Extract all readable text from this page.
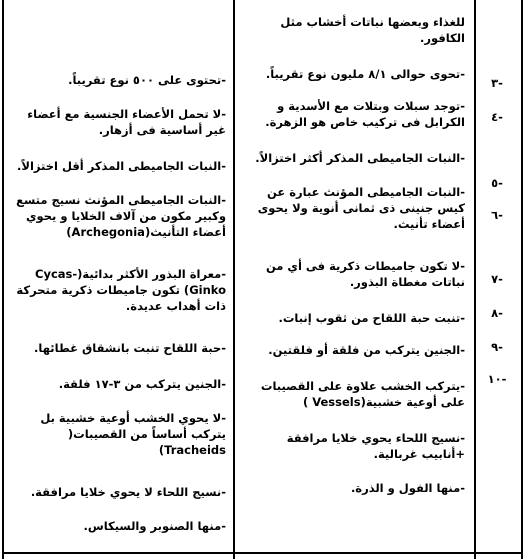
للغذاء وبعضها نباتات أخشاب مثل الكافور.
-تحوى حوالى ٨/١ مليون نوع تقريباً.
-توجد سبلات وبتلات مع الأسدية و الكرابل فى تركيب خاص هو الزهرة.
-النبات الجاميطى المذكر أكثر اختزالاً.
-النبات الجاميطى المؤنث عبارة عن كيس جنينى ذى ثمانى أنوية ولا يحوى أعضاء تأنيث.
-لا تكون جاميطات ذكرية فى أي من نباتات مغطاة البذور.
-تنبت حبة اللقاح من ثقوب إنبات.
-الجنين يتركب من فلقة أو فلقتين.
-يتركب الخشب علاوة على القصيبات على أوعية خشبية(Vessels )
-نسيج اللحاء يحوي خلايا مرافقة +أنابيب غربالية.
-منها الفول و الذرة.
-تحتوى على ٥٠٠ نوع تقريباً.
-لا تحمل الأعضاء الجنسية مع أعضاء غير أساسية فى أزهار.
-النبات الجاميطى المذكر أقل اختزالاً.
-النبات الجاميطى المؤنث نسيج متسع وكبير مكون من آلاف الخلايا و يحوي أعضاء التأنيث(Archegonia)
-معراة البذور الأكثر بدائية(Cycas- Ginko) تكون جاميطات ذكرية متحركة ذات أهداب عديدة.
-حبة اللقاح تنبت بانشقاق غطائها.
-الجنين يتركب من ٣-١٧ فلقة.
-لا يحوي الخشب أوعية خشبية بل يتركب أساساً من القصيبات( Tracheids)
-نسيج اللحاء لا يحوي خلايا مرافقة.
-منها الصنوبر والسيكاس.
-٣
-٤
-٥
-٦
-٧
-٨
-٩
-١٠
